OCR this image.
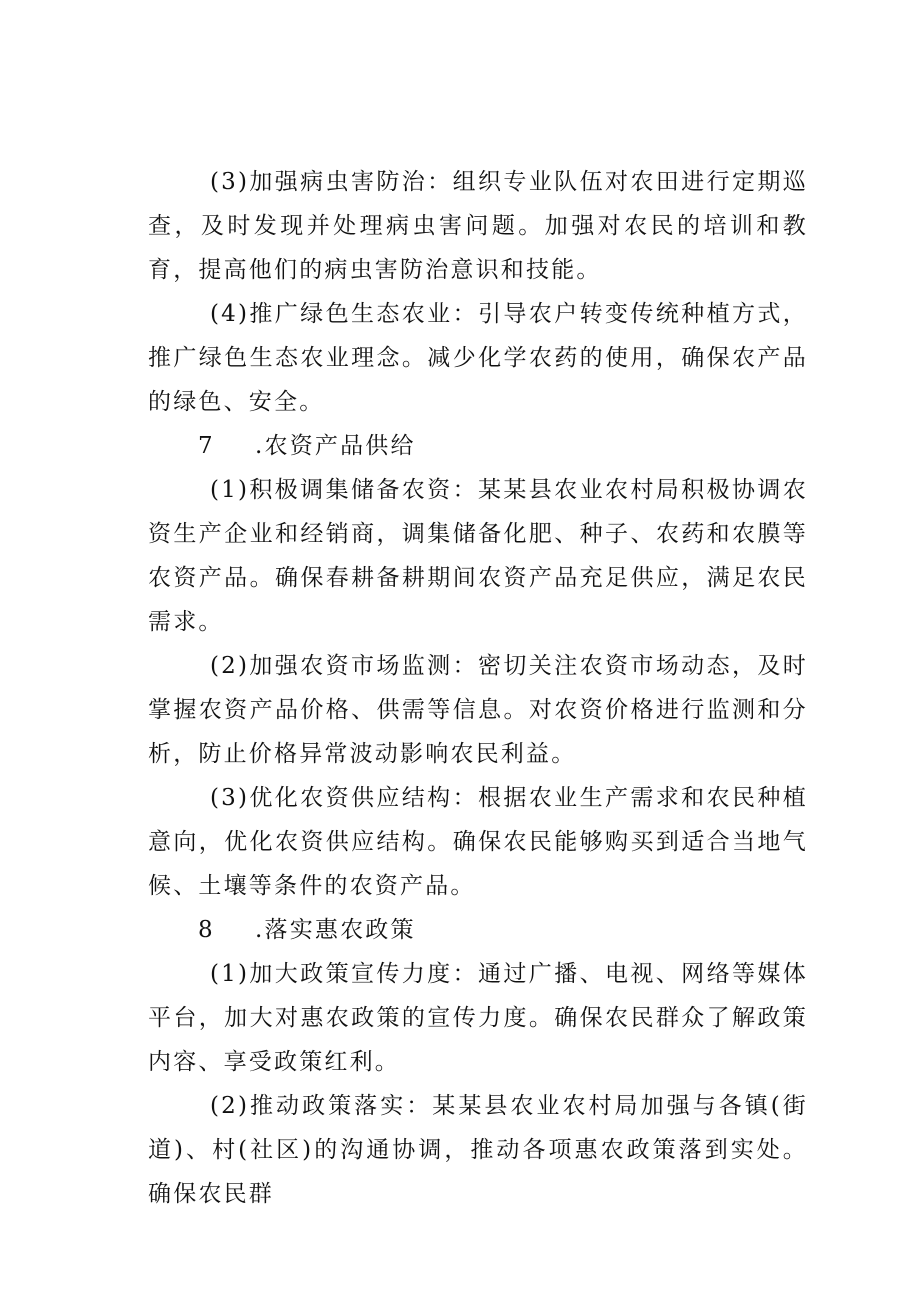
(3)加强病虫害防治：组织专业队伍对农田进行定期巡查，及时发现并处理病虫害问题。加强对农民的培训和教育，提高他们的病虫害防治意识和技能。

(4)推广绿色生态农业：引导农户转变传统种植方式，推广绿色生态农业理念。减少化学农药的使用，确保农产品的绿色、安全。

7 .农资产品供给

(1)积极调集储备农资：某某县农业农村局积极协调农资生产企业和经销商，调集储备化肥、种子、农药和农膜等农资产品。确保春耕备耕期间农资产品充足供应，满足农民需求。

(2)加强农资市场监测：密切关注农资市场动态，及时掌握农资产品价格、供需等信息。对农资价格进行监测和分析，防止价格异常波动影响农民利益。

(3)优化农资供应结构：根据农业生产需求和农民种植意向，优化农资供应结构。确保农民能够购买到适合当地气候、土壤等条件的农资产品。

8 .落实惠农政策

(1)加大政策宣传力度：通过广播、电视、网络等媒体平台，加大对惠农政策的宣传力度。确保农民群众了解政策内容、享受政策红利。

(2)推动政策落实：某某县农业农村局加强与各镇(街道)、村(社区)的沟通协调，推动各项惠农政策落到实处。确保农民群
